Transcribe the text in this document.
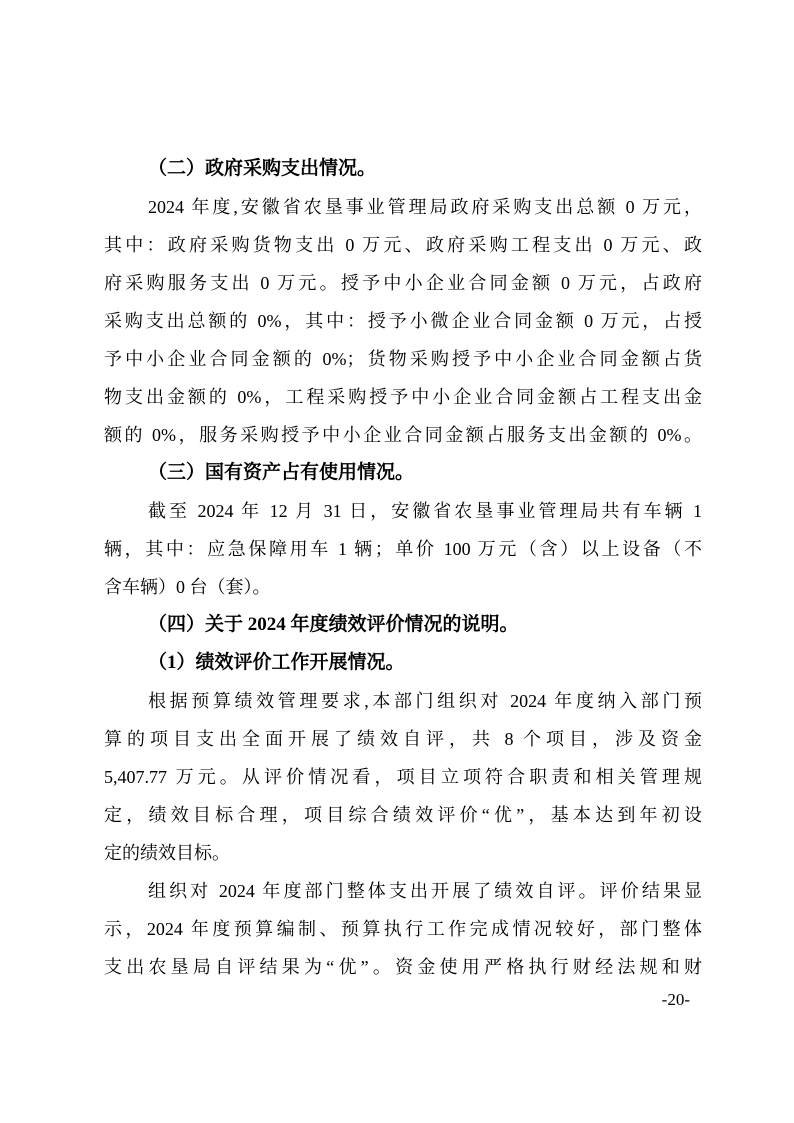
（二）政府采购支出情况。
2024 年度,安徽省农垦事业管理局政府采购支出总额 0 万元，
其中：政府采购货物支出 0 万元、政府采购工程支出 0 万元、政
府采购服务支出 0 万元。授予中小企业合同金额 0 万元，占政府
采购支出总额的 0%，其中：授予小微企业合同金额 0 万元，占授
予中小企业合同金额的 0%；货物采购授予中小企业合同金额占货
物支出金额的 0%，工程采购授予中小企业合同金额占工程支出金
额的 0%，服务采购授予中小企业合同金额占服务支出金额的 0%。
（三）国有资产占有使用情况。
截至 2024 年 12 月 31 日，安徽省农垦事业管理局共有车辆 1
辆，其中：应急保障用车 1 辆；单价 100 万元（含）以上设备（不
含车辆）0 台（套）。
（四）关于 2024 年度绩效评价情况的说明。
（1）绩效评价工作开展情况。
根据预算绩效管理要求,本部门组织对 2024 年度纳入部门预
算的项目支出全面开展了绩效自评，共 8 个项目，涉及资金
5,407.77 万元。从评价情况看，项目立项符合职责和相关管理规
定，绩效目标合理，项目综合绩效评价“优”，基本达到年初设
定的绩效目标。
组织对 2024 年度部门整体支出开展了绩效自评。评价结果显
示，2024 年度预算编制、预算执行工作完成情况较好，部门整体
支出农垦局自评结果为“优”。资金使用严格执行财经法规和财
-20-
